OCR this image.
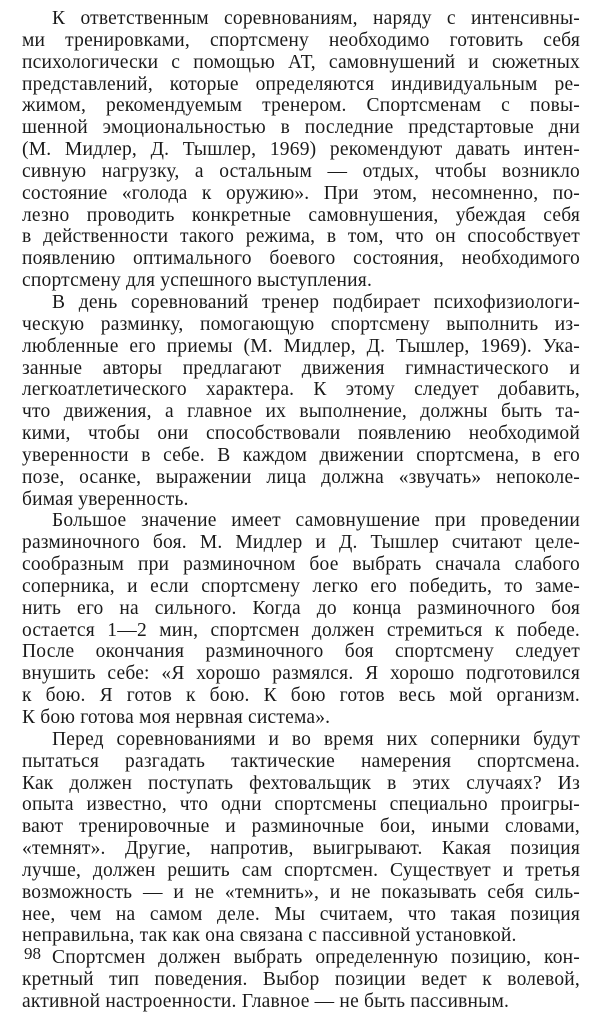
К ответственным соревнованиям, наряду с интенсивны-
ми тренировками, спортсмену необходимо готовить себя
психологически с помощью АТ, самовнушений и сюжетных
представлений, которые определяются индивидуальным ре-
жимом, рекомендуемым тренером. Спортсменам с повы-
шенной эмоциональностью в последние предстартовые дни
(М. Мидлер, Д. Тышлер, 1969) рекомендуют давать интен-
сивную нагрузку, а остальным — отдых, чтобы возникло
состояние «голода к оружию». При этом, несомненно, по-
лезно проводить конкретные самовнушения, убеждая себя
в действенности такого режима, в том, что он способствует
появлению оптимального боевого состояния, необходимого
спортсмену для успешного выступления.
В день соревнований тренер подбирает психофизиологи-
ческую разминку, помогающую спортсмену выполнить из-
любленные его приемы (М. Мидлер, Д. Тышлер, 1969). Ука-
занные авторы предлагают движения гимнастического и
легкоатлетического характера. К этому следует добавить,
что движения, а главное их выполнение, должны быть та-
кими, чтобы они способствовали появлению необходимой
уверенности в себе. В каждом движении спортсмена, в его
позе, осанке, выражении лица должна «звучать» непоколе-
бимая уверенность.
Большое значение имеет самовнушение при проведении
разминочного боя. М. Мидлер и Д. Тышлер считают целе-
сообразным при разминочном бое выбрать сначала слабого
соперника, и если спортсмену легко его победить, то заме-
нить его на сильного. Когда до конца разминочного боя
остается 1—2 мин, спортсмен должен стремиться к победе.
После окончания разминочного боя спортсмену следует
внушить себе: «Я хорошо размялся. Я хорошо подготовился
к бою. Я готов к бою. К бою готов весь мой организм.
К бою готова моя нервная система».
Перед соревнованиями и во время них соперники будут
пытаться разгадать тактические намерения спортсмена.
Как должен поступать фехтовальщик в этих случаях? Из
опыта известно, что одни спортсмены специально проигры-
вают тренировочные и разминочные бои, иными словами,
«темнят». Другие, напротив, выигрывают. Какая позиция
лучше, должен решить сам спортсмен. Существует и третья
возможность — и не «темнить», и не показывать себя силь-
нее, чем на самом деле. Мы считаем, что такая позиция
неправильна, так как она связана с пассивной установкой.
Спортсмен должен выбрать определенную позицию, кон-
кретный тип поведения. Выбор позиции ведет к волевой,
активной настроенности. Главное — не быть пассивным.
98
